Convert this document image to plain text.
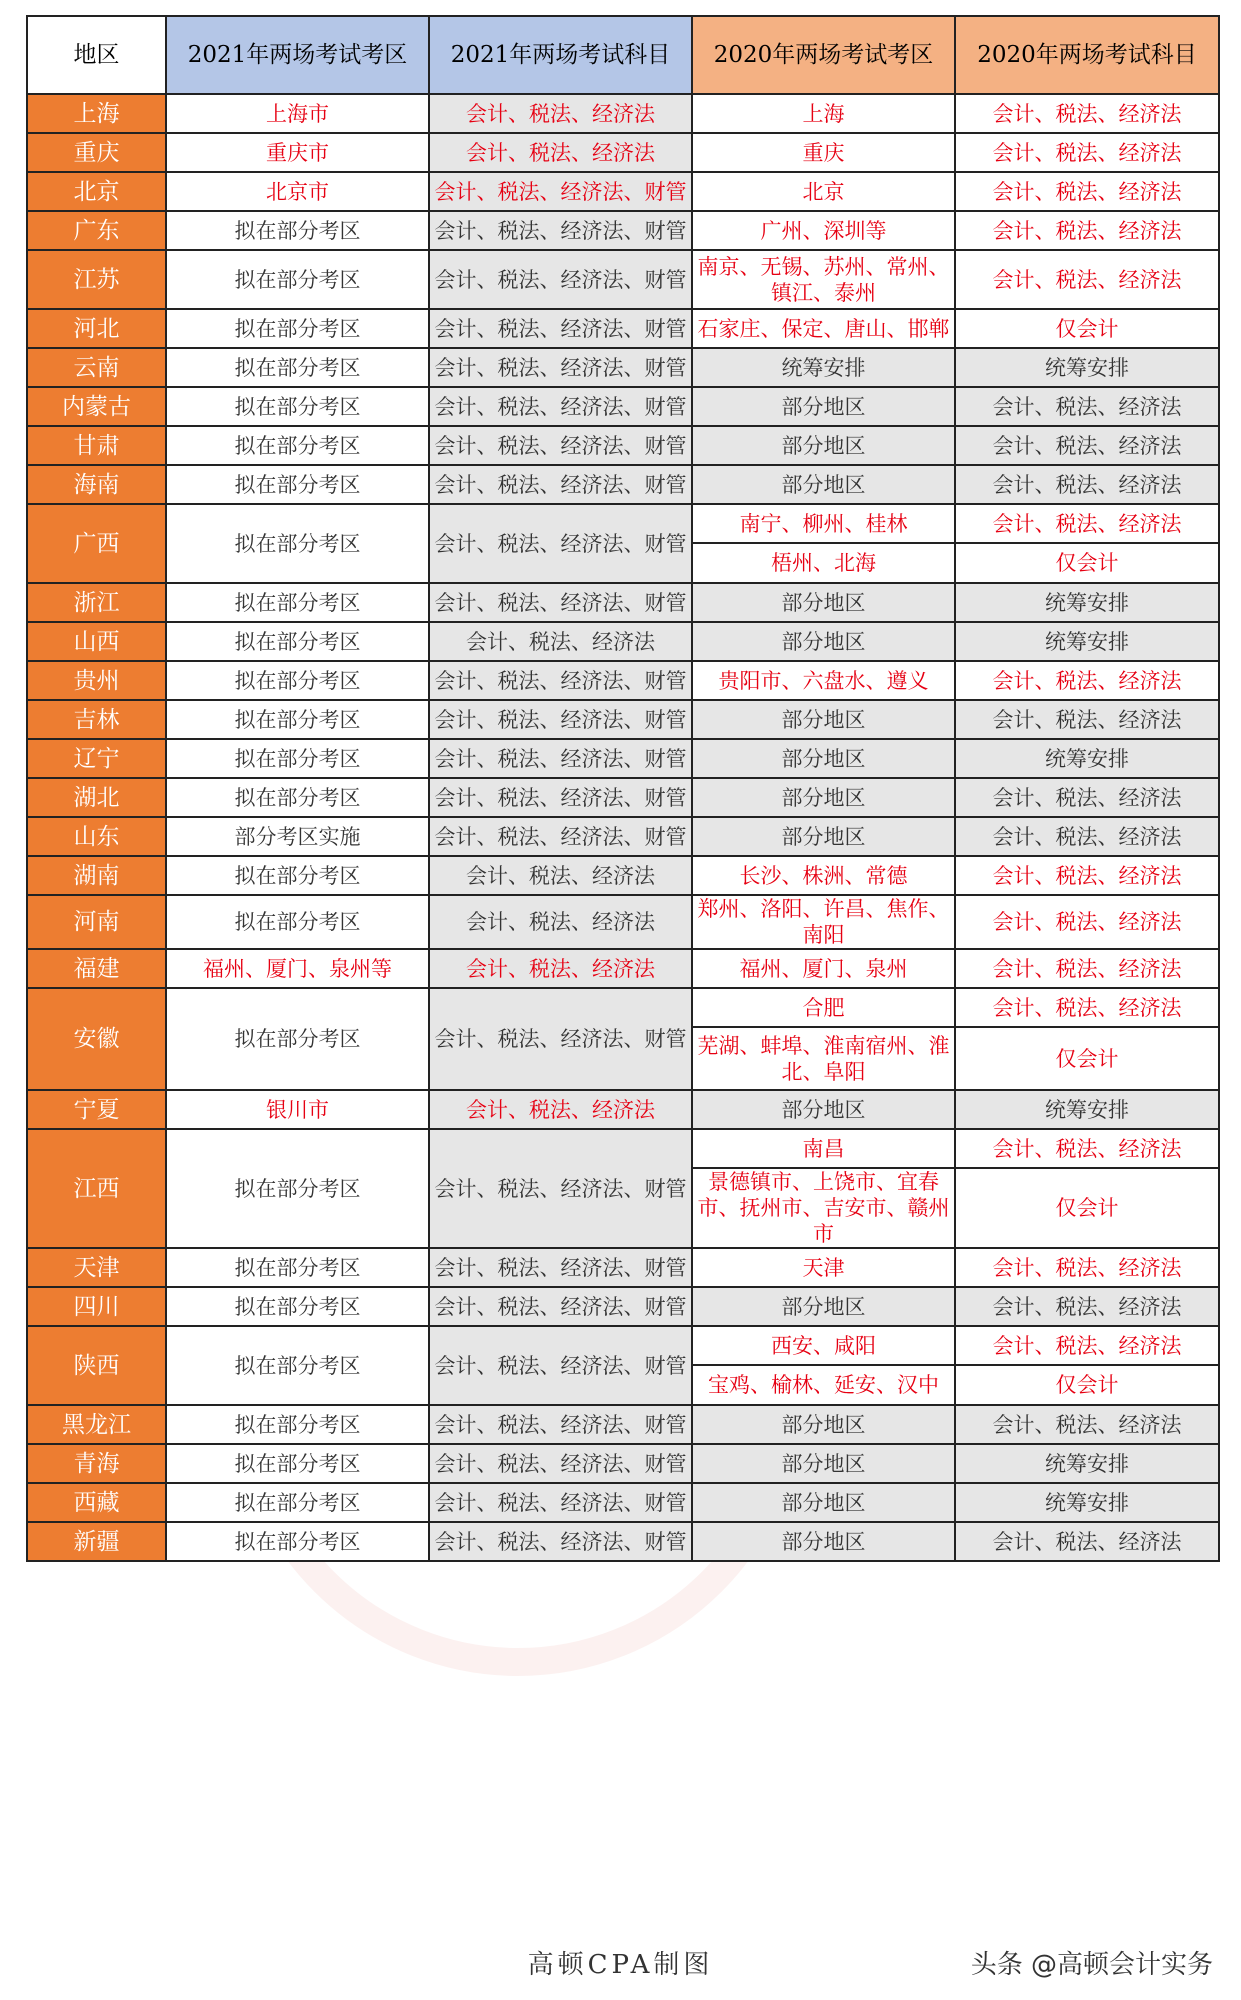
地区	2021年两场考试考区	2021年两场考试科目	2020年两场考试考区	2020年两场考试科目
上海	上海市	会计、税法、经济法	上海	会计、税法、经济法
重庆	重庆市	会计、税法、经济法	重庆	会计、税法、经济法
北京	北京市	会计、税法、经济法、财管	北京	会计、税法、经济法
广东	拟在部分考区	会计、税法、经济法、财管	广州、深圳等	会计、税法、经济法
江苏	拟在部分考区	会计、税法、经济法、财管	南京、无锡、苏州、常州、镇江、泰州	会计、税法、经济法
河北	拟在部分考区	会计、税法、经济法、财管	石家庄、保定、唐山、邯郸	仅会计
云南	拟在部分考区	会计、税法、经济法、财管	统筹安排	统筹安排
内蒙古	拟在部分考区	会计、税法、经济法、财管	部分地区	会计、税法、经济法
甘肃	拟在部分考区	会计、税法、经济法、财管	部分地区	会计、税法、经济法
海南	拟在部分考区	会计、税法、经济法、财管	部分地区	会计、税法、经济法
广西	拟在部分考区	会计、税法、经济法、财管	南宁、柳州、桂林	会计、税法、经济法
			梧州、北海	仅会计
浙江	拟在部分考区	会计、税法、经济法、财管	部分地区	统筹安排
山西	拟在部分考区	会计、税法、经济法	部分地区	统筹安排
贵州	拟在部分考区	会计、税法、经济法、财管	贵阳市、六盘水、遵义	会计、税法、经济法
吉林	拟在部分考区	会计、税法、经济法、财管	部分地区	会计、税法、经济法
辽宁	拟在部分考区	会计、税法、经济法、财管	部分地区	统筹安排
湖北	拟在部分考区	会计、税法、经济法、财管	部分地区	会计、税法、经济法
山东	部分考区实施	会计、税法、经济法、财管	部分地区	会计、税法、经济法
湖南	拟在部分考区	会计、税法、经济法	长沙、株洲、常德	会计、税法、经济法
河南	拟在部分考区	会计、税法、经济法	郑州、洛阳、许昌、焦作、南阳	会计、税法、经济法
福建	福州、厦门、泉州等	会计、税法、经济法	福州、厦门、泉州	会计、税法、经济法
安徽	拟在部分考区	会计、税法、经济法、财管	合肥	会计、税法、经济法
			芜湖、蚌埠、淮南宿州、淮北、阜阳	仅会计
宁夏	银川市	会计、税法、经济法	部分地区	统筹安排
江西	拟在部分考区	会计、税法、经济法、财管	南昌	会计、税法、经济法
			景德镇市、上饶市、宜春市、抚州市、吉安市、赣州市	仅会计
天津	拟在部分考区	会计、税法、经济法、财管	天津	会计、税法、经济法
四川	拟在部分考区	会计、税法、经济法、财管	部分地区	会计、税法、经济法
陕西	拟在部分考区	会计、税法、经济法、财管	西安、咸阳	会计、税法、经济法
			宝鸡、榆林、延安、汉中	仅会计
黑龙江	拟在部分考区	会计、税法、经济法、财管	部分地区	会计、税法、经济法
青海	拟在部分考区	会计、税法、经济法、财管	部分地区	统筹安排
西藏	拟在部分考区	会计、税法、经济法、财管	部分地区	统筹安排
新疆	拟在部分考区	会计、税法、经济法、财管	部分地区	会计、税法、经济法
高顿CPA制图	头条 @高顿会计实务
